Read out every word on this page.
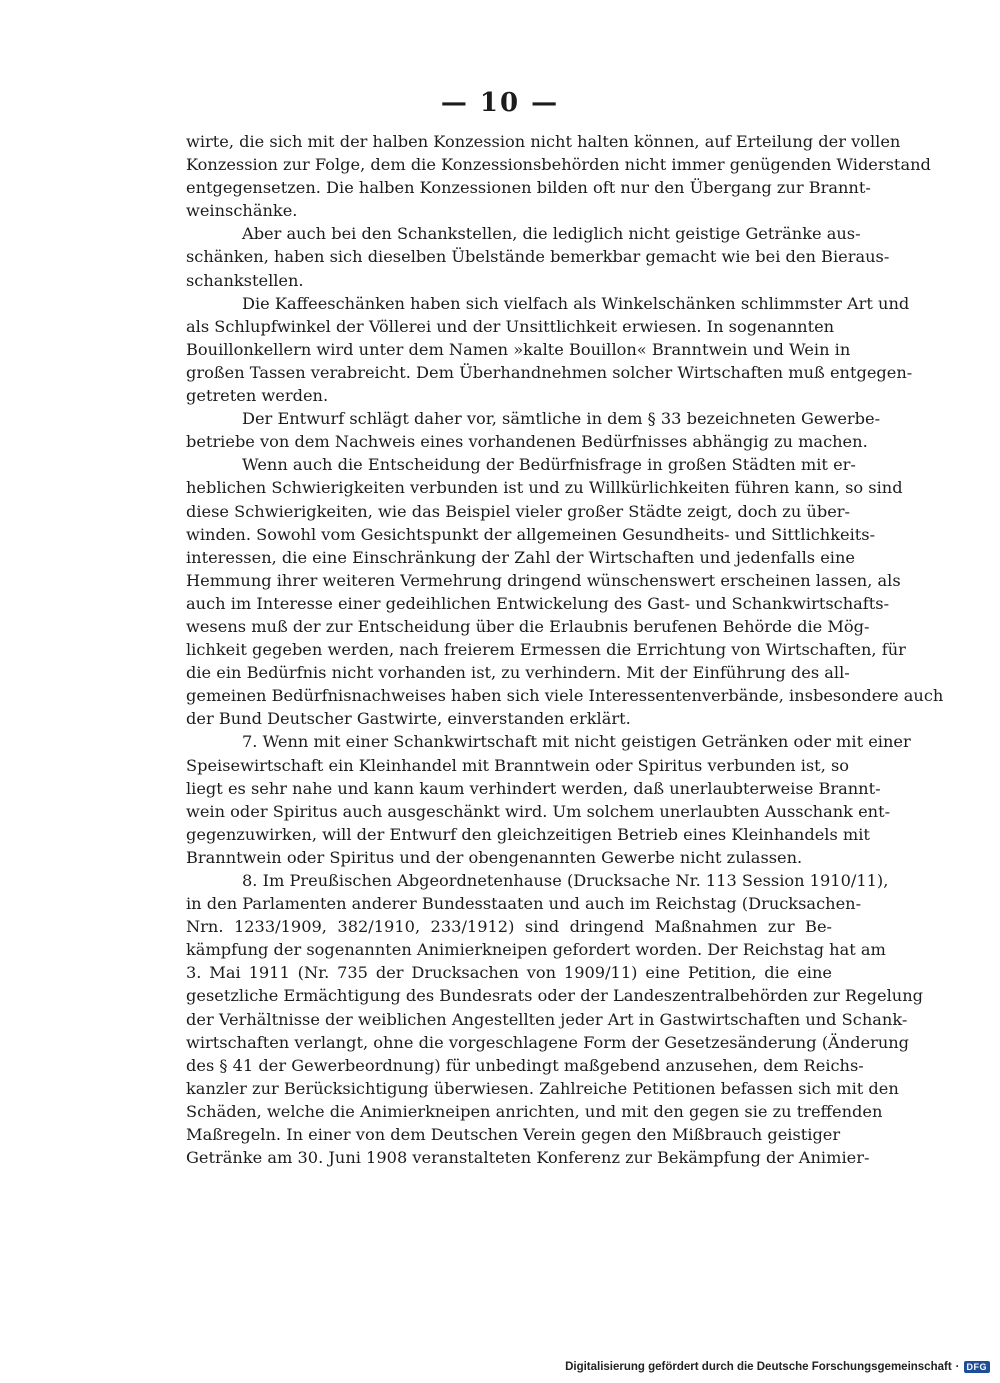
— 10 —
wirte, die sich mit der halben Konzession nicht halten können, auf Erteilung der vollen
Konzession zur Folge, dem die Konzessionsbehörden nicht immer genügenden Widerstand
entgegensetzen. Die halben Konzessionen bilden oft nur den Übergang zur Brannt-
weinschänke.
Aber auch bei den Schankstellen, die lediglich nicht geistige Getränke aus-
schänken, haben sich dieselben Übelstände bemerkbar gemacht wie bei den Bieraus-
schankstellen.
Die Kaffeeschänken haben sich vielfach als Winkelschänken schlimmster Art und
als Schlupfwinkel der Völlerei und der Unsittlichkeit erwiesen. In sogenannten
Bouillonkellern wird unter dem Namen »kalte Bouillon« Branntwein und Wein in
großen Tassen verabreicht. Dem Überhandnehmen solcher Wirtschaften muß entgegen-
getreten werden.
Der Entwurf schlägt daher vor, sämtliche in dem § 33 bezeichneten Gewerbe-
betriebe von dem Nachweis eines vorhandenen Bedürfnisses abhängig zu machen.
Wenn auch die Entscheidung der Bedürfnisfrage in großen Städten mit er-
heblichen Schwierigkeiten verbunden ist und zu Willkürlichkeiten führen kann, so sind
diese Schwierigkeiten, wie das Beispiel vieler großer Städte zeigt, doch zu über-
winden. Sowohl vom Gesichtspunkt der allgemeinen Gesundheits- und Sittlichkeits-
interessen, die eine Einschränkung der Zahl der Wirtschaften und jedenfalls eine
Hemmung ihrer weiteren Vermehrung dringend wünschenswert erscheinen lassen, als
auch im Interesse einer gedeihlichen Entwickelung des Gast- und Schankwirtschafts-
wesens muß der zur Entscheidung über die Erlaubnis berufenen Behörde die Mög-
lichkeit gegeben werden, nach freierem Ermessen die Errichtung von Wirtschaften, für
die ein Bedürfnis nicht vorhanden ist, zu verhindern. Mit der Einführung des all-
gemeinen Bedürfnisnachweises haben sich viele Interessentenverbände, insbesondere auch
der Bund Deutscher Gastwirte, einverstanden erklärt.
7. Wenn mit einer Schankwirtschaft mit nicht geistigen Getränken oder mit einer
Speisewirtschaft ein Kleinhandel mit Branntwein oder Spiritus verbunden ist, so
liegt es sehr nahe und kann kaum verhindert werden, daß unerlaubterweise Brannt-
wein oder Spiritus auch ausgeschänkt wird. Um solchem unerlaubten Ausschank ent-
gegenzuwirken, will der Entwurf den gleichzeitigen Betrieb eines Kleinhandels mit
Branntwein oder Spiritus und der obengenannten Gewerbe nicht zulassen.
8. Im Preußischen Abgeordnetenhause (Drucksache Nr. 113 Session 1910/11),
in den Parlamenten anderer Bundesstaaten und auch im Reichstag (Drucksachen-
Nrn. 1233/1909, 382/1910, 233/1912) sind dringend Maßnahmen zur Be-
kämpfung der sogenannten Animierkneipen gefordert worden. Der Reichstag hat am
3. Mai 1911 (Nr. 735 der Drucksachen von 1909/11) eine Petition, die eine
gesetzliche Ermächtigung des Bundesrats oder der Landeszentralbehörden zur Regelung
der Verhältnisse der weiblichen Angestellten jeder Art in Gastwirtschaften und Schank-
wirtschaften verlangt, ohne die vorgeschlagene Form der Gesetzesänderung (Änderung
des § 41 der Gewerbeordnung) für unbedingt maßgebend anzusehen, dem Reichs-
kanzler zur Berücksichtigung überwiesen. Zahlreiche Petitionen befassen sich mit den
Schäden, welche die Animierkneipen anrichten, und mit den gegen sie zu treffenden
Maßregeln. In einer von dem Deutschen Verein gegen den Mißbrauch geistiger
Getränke am 30. Juni 1908 veranstalteten Konferenz zur Bekämpfung der Animier-
Digitalisierung gefördert durch die Deutsche Forschungsgemeinschaft · DFG
